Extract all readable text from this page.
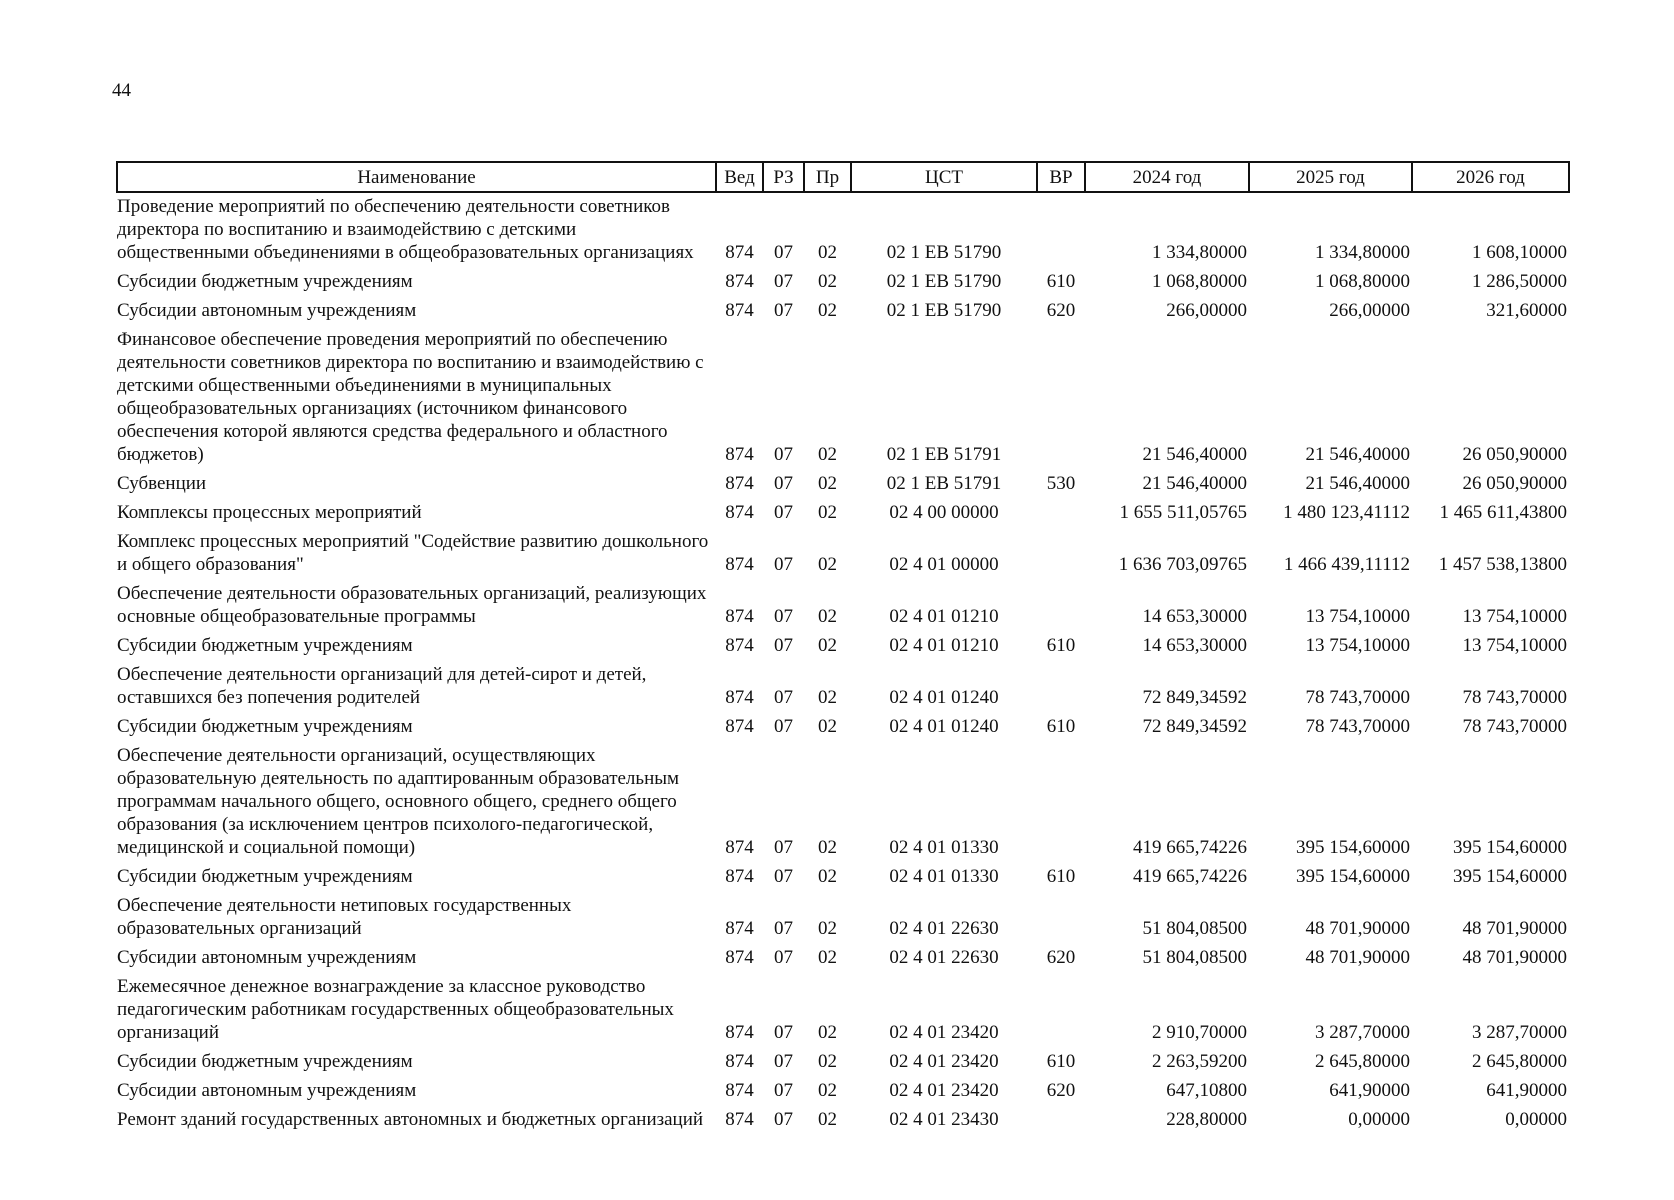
44
Наименование	Вед	РЗ	Пр	ЦСТ	ВР	2024 год	2025 год	2026 год
Проведение мероприятий по обеспечению деятельности советников директора по воспитанию и взаимодействию с детскими общественными объединениями в общеобразовательных организациях	874	07	02	02 1 ЕВ 51790		1 334,80000	1 334,80000	1 608,10000
Субсидии бюджетным учреждениям	874	07	02	02 1 ЕВ 51790	610	1 068,80000	1 068,80000	1 286,50000
Субсидии автономным учреждениям	874	07	02	02 1 ЕВ 51790	620	266,00000	266,00000	321,60000
Финансовое обеспечение проведения мероприятий по обеспечению деятельности советников директора по воспитанию и взаимодействию с детскими общественными объединениями в муниципальных общеобразовательных организациях (источником финансового обеспечения которой являются средства федерального и областного бюджетов)	874	07	02	02 1 ЕВ 51791		21 546,40000	21 546,40000	26 050,90000
Субвенции	874	07	02	02 1 ЕВ 51791	530	21 546,40000	21 546,40000	26 050,90000
Комплексы процессных мероприятий	874	07	02	02 4 00 00000		1 655 511,05765	1 480 123,41112	1 465 611,43800
Комплекс процессных мероприятий "Содействие развитию дошкольного и общего образования"	874	07	02	02 4 01 00000		1 636 703,09765	1 466 439,11112	1 457 538,13800
Обеспечение деятельности образовательных организаций, реализующих основные общеобразовательные программы	874	07	02	02 4 01 01210		14 653,30000	13 754,10000	13 754,10000
Субсидии бюджетным учреждениям	874	07	02	02 4 01 01210	610	14 653,30000	13 754,10000	13 754,10000
Обеспечение деятельности организаций для детей-сирот и детей, оставшихся без попечения родителей	874	07	02	02 4 01 01240		72 849,34592	78 743,70000	78 743,70000
Субсидии бюджетным учреждениям	874	07	02	02 4 01 01240	610	72 849,34592	78 743,70000	78 743,70000
Обеспечение деятельности организаций, осуществляющих образовательную деятельность по адаптированным образовательным программам начального общего, основного общего, среднего общего образования (за исключением центров психолого-педагогической, медицинской и социальной помощи)	874	07	02	02 4 01 01330		419 665,74226	395 154,60000	395 154,60000
Субсидии бюджетным учреждениям	874	07	02	02 4 01 01330	610	419 665,74226	395 154,60000	395 154,60000
Обеспечение деятельности нетиповых государственных образовательных организаций	874	07	02	02 4 01 22630		51 804,08500	48 701,90000	48 701,90000
Субсидии автономным учреждениям	874	07	02	02 4 01 22630	620	51 804,08500	48 701,90000	48 701,90000
Ежемесячное денежное вознаграждение за классное руководство педагогическим работникам государственных общеобразовательных организаций	874	07	02	02 4 01 23420		2 910,70000	3 287,70000	3 287,70000
Субсидии бюджетным учреждениям	874	07	02	02 4 01 23420	610	2 263,59200	2 645,80000	2 645,80000
Субсидии автономным учреждениям	874	07	02	02 4 01 23420	620	647,10800	641,90000	641,90000
Ремонт зданий государственных автономных и бюджетных организаций	874	07	02	02 4 01 23430		228,80000	0,00000	0,00000
